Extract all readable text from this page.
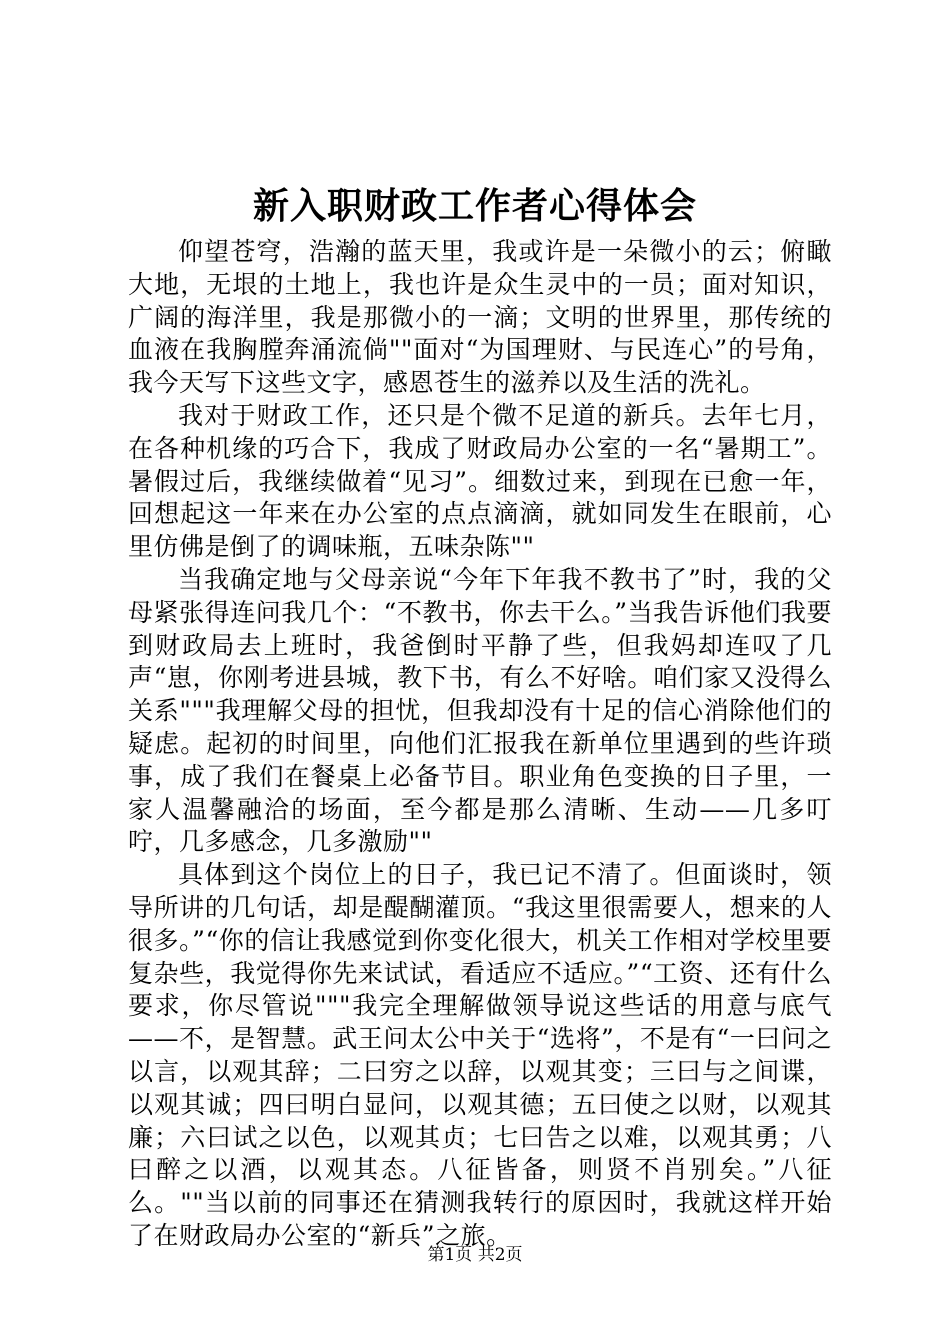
新入职财政工作者心得体会

仰望苍穹，浩瀚的蓝天里，我或许是一朵微小的云；俯瞰大地，无垠的土地上，我也许是众生灵中的一员；面对知识，广阔的海洋里，我是那微小的一滴；文明的世界里，那传统的血液在我胸膛奔涌流倘""面对“为国理财、与民连心”的号角，我今天写下这些文字，感恩苍生的滋养以及生活的洗礼。

我对于财政工作，还只是个微不足道的新兵。去年七月，在各种机缘的巧合下，我成了财政局办公室的一名“暑期工”。暑假过后，我继续做着“见习”。细数过来，到现在已愈一年，回想起这一年来在办公室的点点滴滴，就如同发生在眼前，心里仿佛是倒了的调味瓶，五味杂陈""

当我确定地与父母亲说“今年下年我不教书了”时，我的父母紧张得连问我几个：“不教书，你去干么。”当我告诉他们我要到财政局去上班时，我爸倒时平静了些，但我妈却连叹了几声“崽，你刚考进县城，教下书，有么不好啥。咱们家又没得么关系"""我理解父母的担忧，但我却没有十足的信心消除他们的疑虑。起初的时间里，向他们汇报我在新单位里遇到的些许琐事，成了我们在餐桌上必备节目。职业角色变换的日子里，一家人温馨融洽的场面，至今都是那么清晰、生动——几多叮咛，几多感念，几多激励""

具体到这个岗位上的日子，我已记不清了。但面谈时，领导所讲的几句话，却是醍醐灌顶。“我这里很需要人，想来的人很多。”“你的信让我感觉到你变化很大，机关工作相对学校里要复杂些，我觉得你先来试试，看适应不适应。”“工资、还有什么要求，你尽管说"""我完全理解做领导说这些话的用意与底气——不，是智慧。武王问太公中关于“选将”，不是有“一曰问之以言，以观其辞；二曰穷之以辞，以观其变；三曰与之间谍，以观其诚；四曰明白显问，以观其德；五曰使之以财，以观其廉；六曰试之以色，以观其贞；七曰告之以难，以观其勇；八曰醉之以酒，以观其态。八征皆备，则贤不肖别矣。”八征么。""当以前的同事还在猜测我转行的原因时，我就这样开始了在财政局办公室的“新兵”之旅。

第1页 共2页
